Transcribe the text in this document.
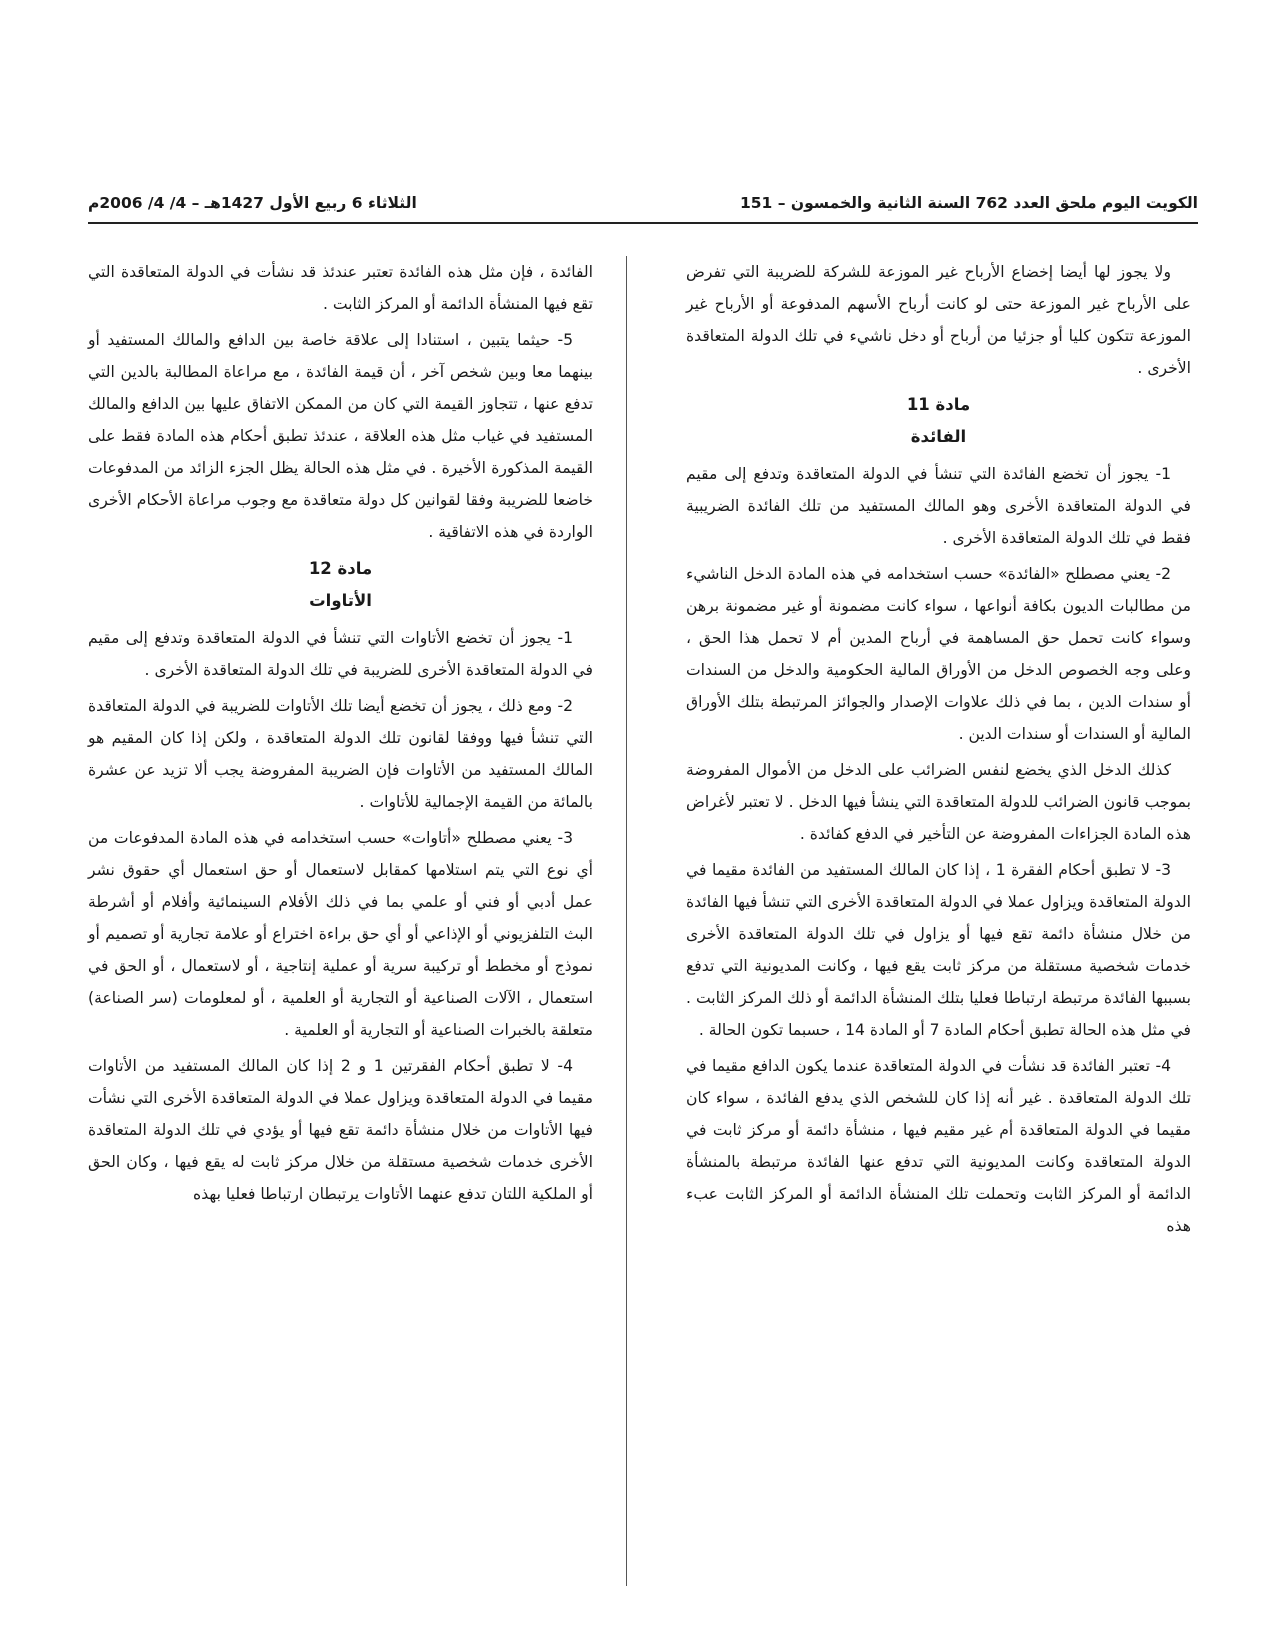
الكويت اليوم ملحق العدد 762 السنة الثانية والخمسون – 151
الثلاثاء 6 ربيع الأول 1427هـ – 4/ 4/ 2006م

ولا يجوز لها أيضا إخضاع الأرباح غير الموزعة للشركة للضريبة التي تفرض على الأرباح غير الموزعة حتى لو كانت أرباح الأسهم المدفوعة أو الأرباح غير الموزعة تتكون كليا أو جزئيا من أرباح أو دخل ناشيء في تلك الدولة المتعاقدة الأخرى .

مادة 11
الفائدة

1- يجوز أن تخضع الفائدة التي تنشأ في الدولة المتعاقدة وتدفع إلى مقيم في الدولة المتعاقدة الأخرى وهو المالك المستفيد من تلك الفائدة الضريبية فقط في تلك الدولة المتعاقدة الأخرى .

2- يعني مصطلح «الفائدة» حسب استخدامه في هذه المادة الدخل الناشيء من مطالبات الديون بكافة أنواعها ، سواء كانت مضمونة أو غير مضمونة برهن وسواء كانت تحمل حق المساهمة في أرباح المدين أم لا تحمل هذا الحق ، وعلى وجه الخصوص الدخل من الأوراق المالية الحكومية والدخل من السندات أو سندات الدين ، بما في ذلك علاوات الإصدار والجوائز المرتبطة بتلك الأوراق المالية أو السندات أو سندات الدين .

كذلك الدخل الذي يخضع لنفس الضرائب على الدخل من الأموال المفروضة بموجب قانون الضرائب للدولة المتعاقدة التي ينشأ فيها الدخل . لا تعتبر لأغراض هذه المادة الجزاءات المفروضة عن التأخير في الدفع كفائدة .

3- لا تطبق أحكام الفقرة 1 ، إذا كان المالك المستفيد من الفائدة مقيما في الدولة المتعاقدة ويزاول عملا في الدولة المتعاقدة الأخرى التي تنشأ فيها الفائدة من خلال منشأة دائمة تقع فيها أو يزاول في تلك الدولة المتعاقدة الأخرى خدمات شخصية مستقلة من مركز ثابت يقع فيها ، وكانت المديونية التي تدفع بسببها الفائدة مرتبطة ارتباطا فعليا بتلك المنشأة الدائمة أو ذلك المركز الثابت . في مثل هذه الحالة تطبق أحكام المادة 7 أو المادة 14 ، حسبما تكون الحالة .

4- تعتبر الفائدة قد نشأت في الدولة المتعاقدة عندما يكون الدافع مقيما في تلك الدولة المتعاقدة . غير أنه إذا كان للشخص الذي يدفع الفائدة ، سواء كان مقيما في الدولة المتعاقدة أم غير مقيم فيها ، منشأة دائمة أو مركز ثابت في الدولة المتعاقدة وكانت المديونية التي تدفع عنها الفائدة مرتبطة بالمنشأة الدائمة أو المركز الثابت وتحملت تلك المنشأة الدائمة أو المركز الثابت عبء هذه

الفائدة ، فإن مثل هذه الفائدة تعتبر عندئذ قد نشأت في الدولة المتعاقدة التي تقع فيها المنشأة الدائمة أو المركز الثابت .

5- حيثما يتبين ، استنادا إلى علاقة خاصة بين الدافع والمالك المستفيد أو بينهما معا وبين شخص آخر ، أن قيمة الفائدة ، مع مراعاة المطالبة بالدين التي تدفع عنها ، تتجاوز القيمة التي كان من الممكن الاتفاق عليها بين الدافع والمالك المستفيد في غياب مثل هذه العلاقة ، عندئذ تطبق أحكام هذه المادة فقط على القيمة المذكورة الأخيرة . في مثل هذه الحالة يظل الجزء الزائد من المدفوعات خاضعا للضريبة وفقا لقوانين كل دولة متعاقدة مع وجوب مراعاة الأحكام الأخرى الواردة في هذه الاتفاقية .

مادة 12
الأتاوات

1- يجوز أن تخضع الأتاوات التي تنشأ في الدولة المتعاقدة وتدفع إلى مقيم في الدولة المتعاقدة الأخرى للضريبة في تلك الدولة المتعاقدة الأخرى .

2- ومع ذلك ، يجوز أن تخضع أيضا تلك الأتاوات للضريبة في الدولة المتعاقدة التي تنشأ فيها ووفقا لقانون تلك الدولة المتعاقدة ، ولكن إذا كان المقيم هو المالك المستفيد من الأتاوات فإن الضريبة المفروضة يجب ألا تزيد عن عشرة بالمائة من القيمة الإجمالية للأتاوات .

3- يعني مصطلح «أتاوات» حسب استخدامه في هذه المادة المدفوعات من أي نوع التي يتم استلامها كمقابل لاستعمال أو حق استعمال أي حقوق نشر عمل أدبي أو فني أو علمي بما في ذلك الأفلام السينمائية وأفلام أو أشرطة البث التلفزيوني أو الإذاعي أو أي حق براءة اختراع أو علامة تجارية أو تصميم أو نموذج أو مخطط أو تركيبة سرية أو عملية إنتاجية ، أو لاستعمال ، أو الحق في استعمال ، الآلات الصناعية أو التجارية أو العلمية ، أو لمعلومات (سر الصناعة) متعلقة بالخبرات الصناعية أو التجارية أو العلمية .

4- لا تطبق أحكام الفقرتين 1 و 2 إذا كان المالك المستفيد من الأتاوات مقيما في الدولة المتعاقدة ويزاول عملا في الدولة المتعاقدة الأخرى التي نشأت فيها الأتاوات من خلال منشأة دائمة تقع فيها أو يؤدي في تلك الدولة المتعاقدة الأخرى خدمات شخصية مستقلة من خلال مركز ثابت له يقع فيها ، وكان الحق أو الملكية اللتان تدفع عنهما الأتاوات يرتبطان ارتباطا فعليا بهذه
